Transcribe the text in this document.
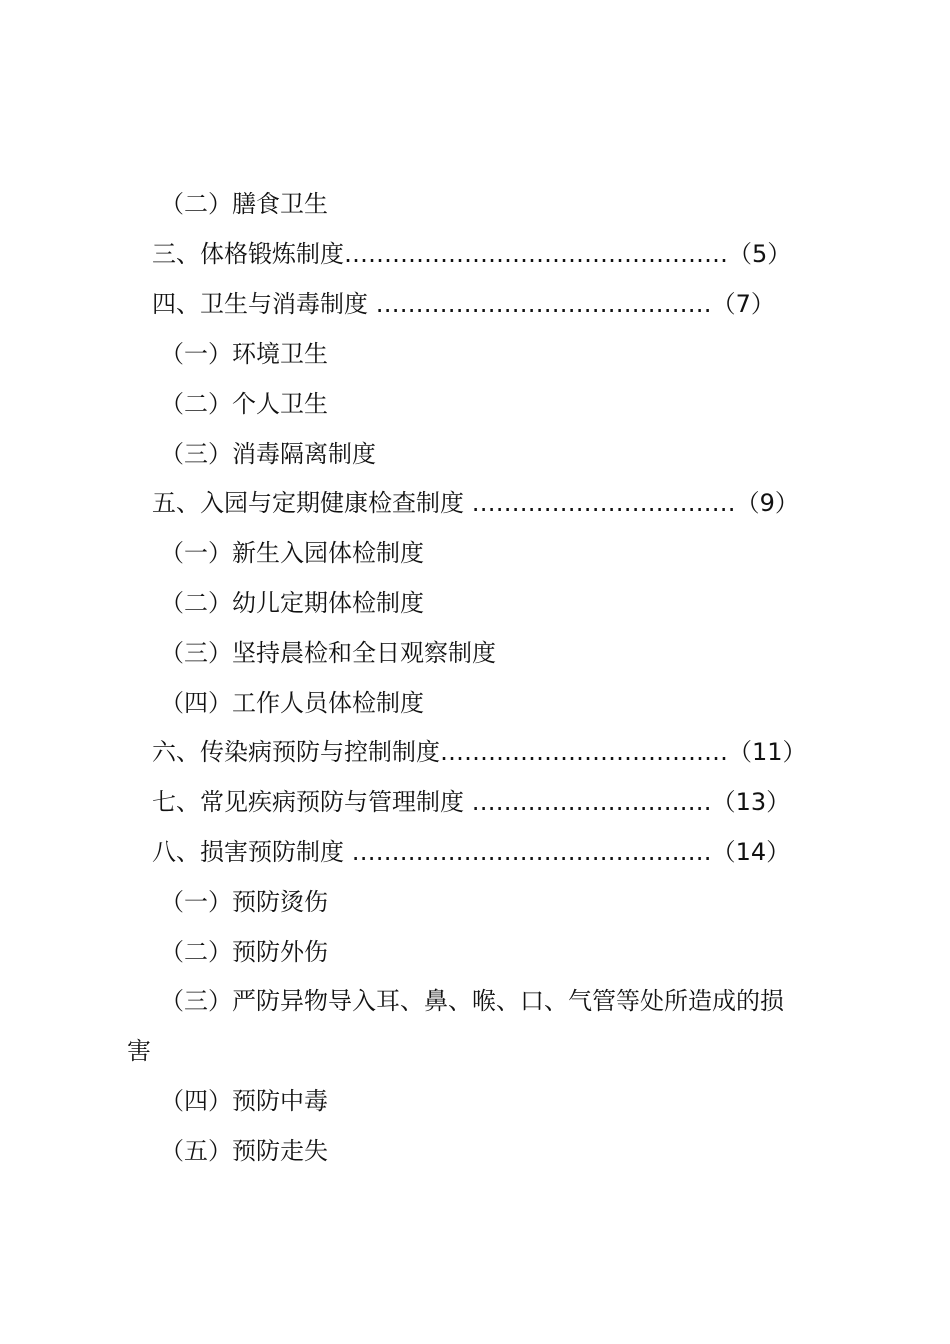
（二）膳食卫生
三、体格锻炼制度…………………………………………（5）
四、卫生与消毒制度 ……………………………………（7）
（一）环境卫生
（二）个人卫生
（三）消毒隔离制度
五、入园与定期健康检查制度 ……………………………（9）
（一）新生入园体检制度
（二）幼儿定期体检制度
（三）坚持晨检和全日观察制度
（四）工作人员体检制度
六、传染病预防与控制制度………………………………（11）
七、常见疾病预防与管理制度 …………………………（13）
八、损害预防制度 ………………………………………（14）
（一）预防烫伤
（二）预防外伤
（三）严防异物导入耳、鼻、喉、口、气管等处所造成的损
害
（四）预防中毒
（五）预防走失
